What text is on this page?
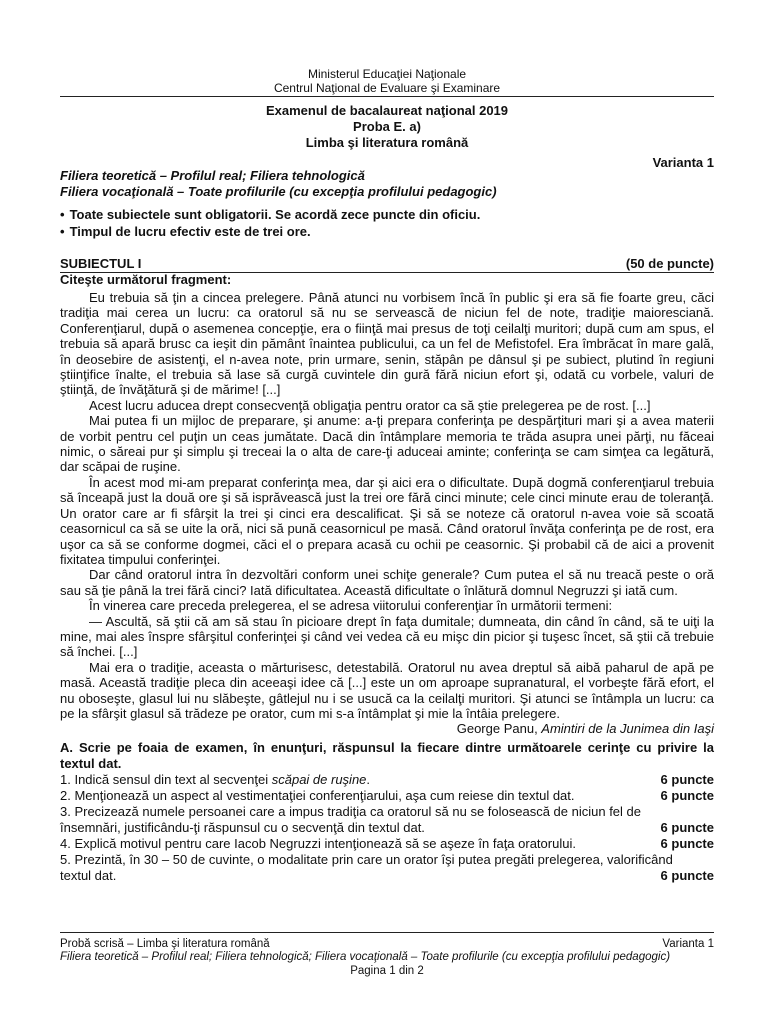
Ministerul Educaţiei Naţionale
Centrul Naţional de Evaluare şi Examinare
Examenul de bacalaureat naţional 2019
Proba E. a)
Limba şi literatura română
Varianta 1
Filiera teoretică – Profilul real; Filiera tehnologică
Filiera vocaţională – Toate profilurile (cu excepţia profilului pedagogic)
• Toate subiectele sunt obligatorii. Se acordă zece puncte din oficiu.
• Timpul de lucru efectiv este de trei ore.
SUBIECTUL I	(50 de puncte)
Citeşte următorul fragment:

Eu trebuia să ţin a cincea prelegere. Până atunci nu vorbisem încă în public şi era să fie foarte greu, căci tradiţia mai cerea un lucru: ca oratorul să nu se servească de niciun fel de note, tradiţie maiorescіană. Conferenţiarul, după o asemenea concepţie, era o fiinţă mai presus de toţi ceilalţi muritori; după cum am spus, el trebuia să apară brusc ca ieşit din pământ înaintea publicului, ca un fel de Mefistofel. Era îmbrăcat în mare gală, în deosebire de asistenţi, el n-avea note, prin urmare, senin, stăpân pe dânsul şi pe subiect, plutind în regiuni ştiinţifice înalte, el trebuia să lase să curgă cuvintele din gură fără niciun efort şi, odată cu vorbele, valuri de ştiinţă, de învăţătură şi de mărime! [...]

Acest lucru aducea drept consecvenţă obligaţia pentru orator ca să ştie prelegerea pe de rost. [...]

Mai putea fi un mijloc de preparare, şi anume: a-ţi prepara conferinţa pe despărţituri mari şi a avea materii de vorbit pentru cel puţin un ceas jumătate. Dacă din întâmplare memoria te trăda asupra unei părţi, nu făceai nimic, o săreai pur şi simplu şi treceai la o alta de care-ţi aduceai aminte; conferinţa se cam simţea ca legătură, dar scăpai de ruşine.

În acest mod mi-am preparat conferinţa mea, dar şi aici era o dificultate. După dogmă conferenţiarul trebuia să înceapă just la două ore şi să isprăvească just la trei ore fără cinci minute; cele cinci minute erau de toleranţă. Un orator care ar fi sfârşit la trei şi cinci era descalificat. Şi să se noteze că oratorul n-avea voie să scoată ceasornicul ca să se uite la oră, nici să pună ceasornicul pe masă. Când oratorul învăţa conferinţa pe de rost, era uşor ca să se conforme dogmei, căci el o prepara acasă cu ochii pe ceasornic. Şi probabil că de aici a provenit fixitatea timpului conferinţei.

Dar când oratorul intra în dezvoltări conform unei schiţe generale? Cum putea el să nu treacă peste o oră sau să ţie până la trei fără cinci? Iată dificultatea. Această dificultate o înlătură domnul Negruzzi şi iată cum.

În vinerea care preceda prelegerea, el se adresa viitorului conferenţiar în următorii termeni:

— Ascultă, să ştii că am să stau în picioare drept în faţa dumitale; dumneata, din când în când, să te uiţi la mine, mai ales înspre sfârşitul conferinţei şi când vei vedea că eu mişc din picior şi tuşesc încet, să ştii că trebuie să închei. [...]

Mai era o tradiţie, aceasta o mărturisesc, detestabilă. Oratorul nu avea dreptul să aibă paharul de apă pe masă. Această tradiţie pleca din aceeaşi idee că [...] este un om aproape supranatural, el vorbeşte fără efort, el nu oboseşte, glasul lui nu slăbeşte, gâtlejul nu i se usucă ca la ceilalţi muritori. Şi atunci se întâmpla un lucru: ca pe la sfârşit glasul să trădeze pe orator, cum mi s-a întâmplat şi mie la întâia prelegere.

George Panu, Amintiri de la Junimea din Iaşi

A. Scrie pe foaia de examen, în enunţuri, răspunsul la fiecare dintre următoarele cerinţe cu privire la textul dat.

1. Indică sensul din text al secvenţei scăpai de ruşine.	6 puncte
2. Menţionează un aspect al vestimentaţiei conferenţiarului, aşa cum reiese din textul dat.	6 puncte
3. Precizează numele persoanei care a impus tradiţia ca oratorul să nu se folosească de niciun fel de
însemnări, justificându-ţi răspunsul cu o secvenţă din textul dat.	6 puncte
4. Explică motivul pentru care Iacob Negruzzi intenţionează să se aşeze în faţa oratorului.	6 puncte
5. Prezintă, în 30 – 50 de cuvinte, o modalitate prin care un orator îşi putea pregăti prelegerea, valorificând
textul dat.	6 puncte
Probă scrisă – Limba şi literatura română	Varianta 1
Filiera teoretică – Profilul real; Filiera tehnologică; Filiera vocaţională – Toate profilurile (cu excepţia profilului pedagogic)
Pagina 1 din 2
